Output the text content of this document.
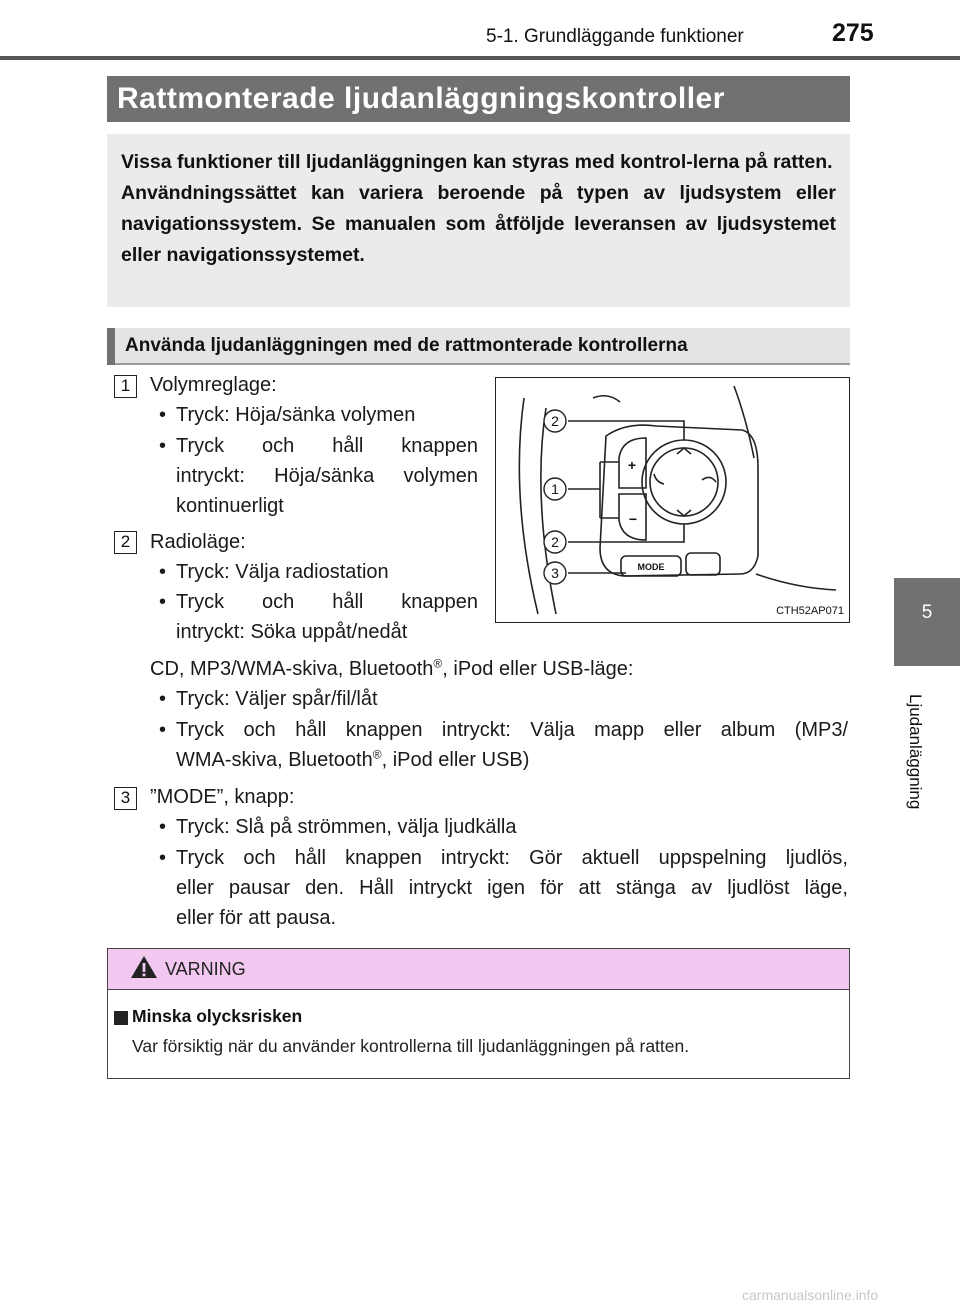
5-1. Grundläggande funktioner	275
5
Ljudanläggning
Rattmonterade ljudanläggningskontroller

Vissa funktioner till ljudanläggningen kan styras med kontrol-lerna på ratten.

Användningssättet kan variera beroende på typen av ljudsystem eller navigationssystem. Se manualen som åtföljde leveransen av ljudsystemet eller navigationssystemet.

Använda ljudanläggningen med de rattmonterade kontrollerna
1 Volymreglage:
• Tryck: Höja/sänka volymen
• Tryck och håll knappen
intryckt: Höja/sänka volymen
kontinuerligt
2 Radioläge:
• Tryck: Välja radiostation
• Tryck och håll knappen
intryckt: Söka uppåt/nedåt
CD, MP3/WMA-skiva, Bluetooth®, iPod eller USB-läge:
• Tryck: Väljer spår/fil/låt
• Tryck och håll knappen intryckt: Välja mapp eller album (MP3/
WMA-skiva, Bluetooth®, iPod eller USB)
3 ”MODE”, knapp:
• Tryck: Slå på strömmen, välja ljudkälla
• Tryck och håll knappen intryckt: Gör aktuell uppspelning ljudlös,
eller pausar den. Håll intryckt igen för att stänga av ljudlöst läge,
eller för att pausa.
2
1
2
3
+
−
MODE
CTH52AP071
VARNING
Minska olycksrisken
Var försiktig när du använder kontrollerna till ljudanläggningen på ratten.
carmanualsonline.info
